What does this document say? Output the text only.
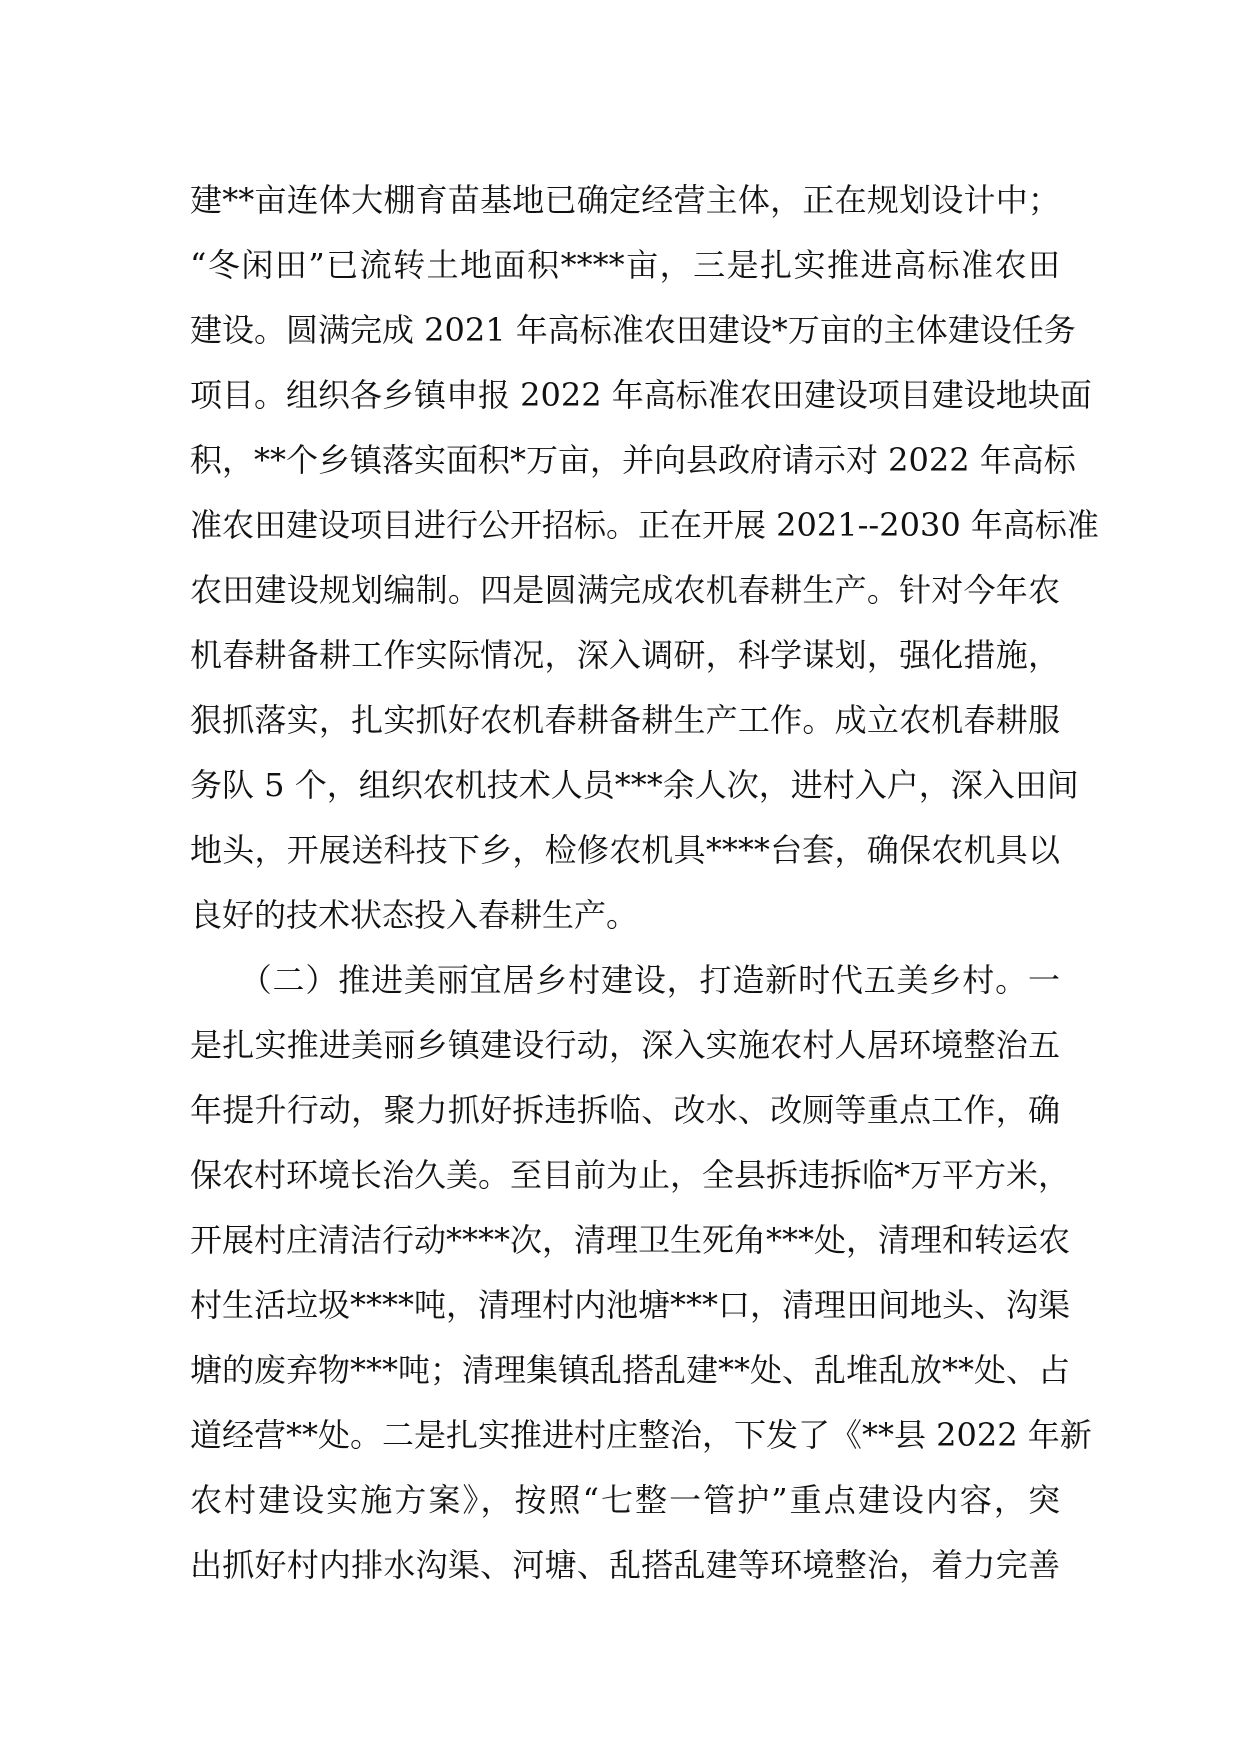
建**亩连体大棚育苗基地已确定经营主体，正在规划设计中；
“冬闲田”已流转土地面积****亩，三是扎实推进高标准农田
建设。圆满完成 2021 年高标准农田建设*万亩的主体建设任务
项目。组织各乡镇申报 2022 年高标准农田建设项目建设地块面
积，**个乡镇落实面积*万亩，并向县政府请示对 2022 年高标
准农田建设项目进行公开招标。正在开展 2021--2030 年高标准
农田建设规划编制。四是圆满完成农机春耕生产。针对今年农
机春耕备耕工作实际情况，深入调研，科学谋划，强化措施，
狠抓落实，扎实抓好农机春耕备耕生产工作。成立农机春耕服
务队 5 个，组织农机技术人员***余人次，进村入户，深入田间
地头，开展送科技下乡，检修农机具****台套，确保农机具以
良好的技术状态投入春耕生产。
　　（二）推进美丽宜居乡村建设，打造新时代五美乡村。一
是扎实推进美丽乡镇建设行动，深入实施农村人居环境整治五
年提升行动，聚力抓好拆违拆临、改水、改厕等重点工作，确
保农村环境长治久美。至目前为止，全县拆违拆临*万平方米，
开展村庄清洁行动****次，清理卫生死角***处，清理和转运农
村生活垃圾****吨，清理村内池塘***口，清理田间地头、沟渠
塘的废弃物***吨；清理集镇乱搭乱建**处、乱堆乱放**处、占
道经营**处。二是扎实推进村庄整治，下发了《**县 2022 年新
农村建设实施方案》，按照“七整一管护”重点建设内容，突
出抓好村内排水沟渠、河塘、乱搭乱建等环境整治，着力完善
